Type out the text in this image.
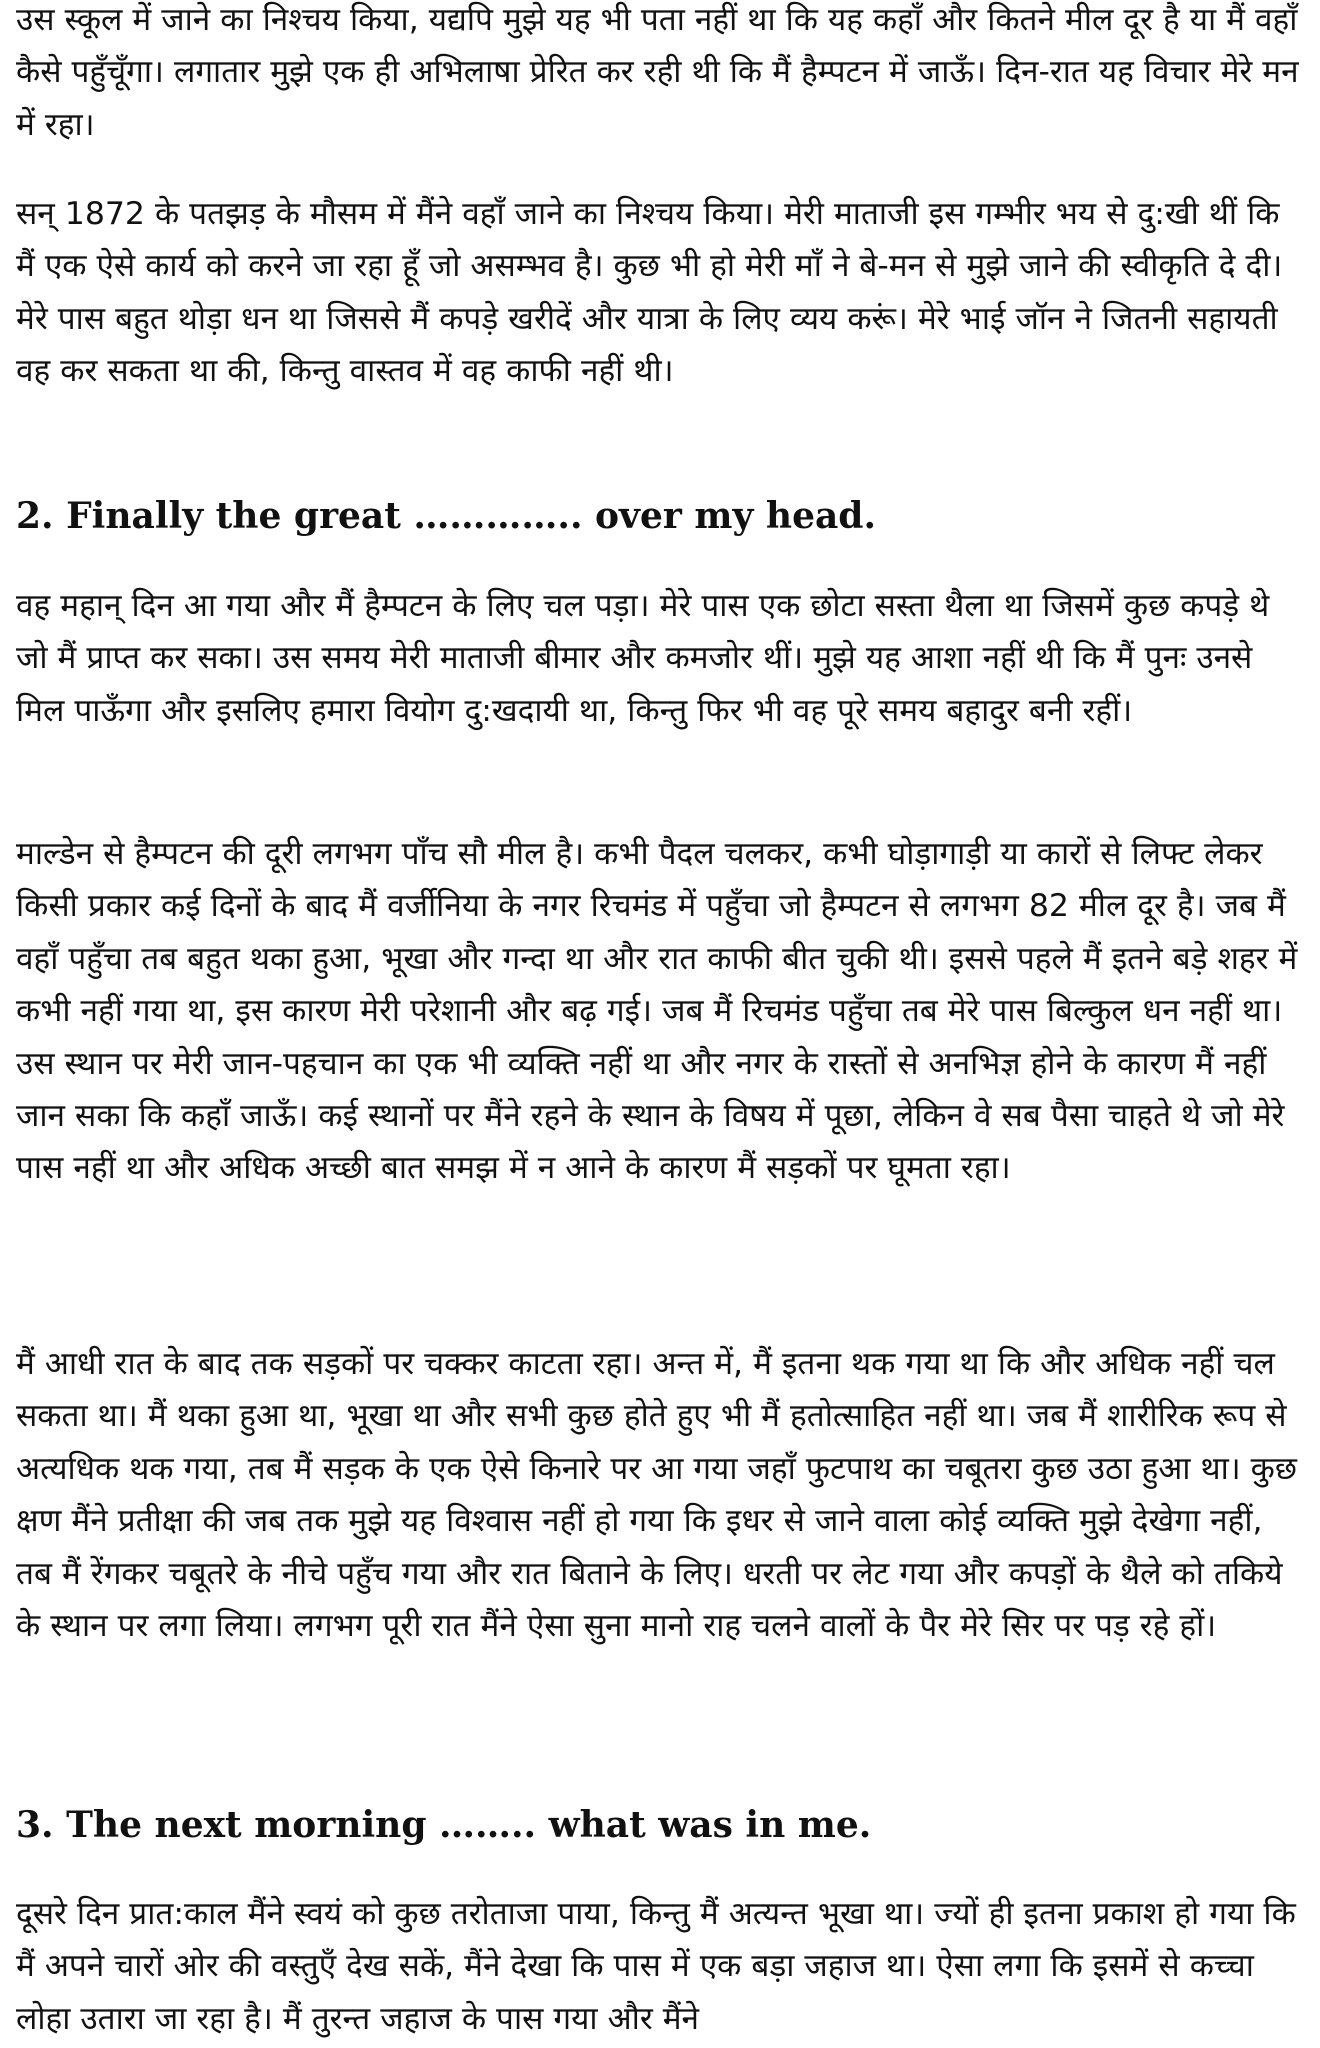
उस स्कूल में जाने का निश्चय किया, यद्यपि मुझे यह भी पता नहीं था कि यह कहाँ और कितने मील दूर है या मैं वहाँ कैसे पहुँचूँगा। लगातार मुझे एक ही अभिलाषा प्रेरित कर रही थी कि मैं हैम्पटन में जाऊँ। दिन-रात यह विचार मेरे मन में रहा।

सन् 1872 के पतझड़ के मौसम में मैंने वहाँ जाने का निश्चय किया। मेरी माताजी इस गम्भीर भय से दु:खी थीं कि मैं एक ऐसे कार्य को करने जा रहा हूँ जो असम्भव है। कुछ भी हो मेरी माँ ने बे-मन से मुझे जाने की स्वीकृति दे दी। मेरे पास बहुत थोड़ा धन था जिससे मैं कपड़े खरीदें और यात्रा के लिए व्यय करूं। मेरे भाई जॉन ने जितनी सहायती वह कर सकता था की, किन्तु वास्तव में वह काफी नहीं थी।

2. Finally the great ………….. over my head.

वह महान् दिन आ गया और मैं हैम्पटन के लिए चल पड़ा। मेरे पास एक छोटा सस्ता थैला था जिसमें कुछ कपड़े थे जो मैं प्राप्त कर सका। उस समय मेरी माताजी बीमार और कमजोर थीं। मुझे यह आशा नहीं थी कि मैं पुनः उनसे मिल पाऊँगा और इसलिए हमारा वियोग दु:खदायी था, किन्तु फिर भी वह पूरे समय बहादुर बनी रहीं।

माल्डेन से हैम्पटन की दूरी लगभग पाँच सौ मील है। कभी पैदल चलकर, कभी घोड़ागाड़ी या कारों से लिफ्ट लेकर किसी प्रकार कई दिनों के बाद मैं वर्जीनिया के नगर रिचमंड में पहुँचा जो हैम्पटन से लगभग 82 मील दूर है। जब मैं वहाँ पहुँचा तब बहुत थका हुआ, भूखा और गन्दा था और रात काफी बीत चुकी थी। इससे पहले मैं इतने बड़े शहर में कभी नहीं गया था, इस कारण मेरी परेशानी और बढ़ गई। जब मैं रिचमंड पहुँचा तब मेरे पास बिल्कुल धन नहीं था। उस स्थान पर मेरी जान-पहचान का एक भी व्यक्ति नहीं था और नगर के रास्तों से अनभिज्ञ होने के कारण मैं नहीं जान सका कि कहाँ जाऊँ। कई स्थानों पर मैंने रहने के स्थान के विषय में पूछा, लेकिन वे सब पैसा चाहते थे जो मेरे पास नहीं था और अधिक अच्छी बात समझ में न आने के कारण मैं सड़कों पर घूमता रहा।

मैं आधी रात के बाद तक सड़कों पर चक्कर काटता रहा। अन्त में, मैं इतना थक गया था कि और अधिक नहीं चल सकता था। मैं थका हुआ था, भूखा था और सभी कुछ होते हुए भी मैं हतोत्साहित नहीं था। जब मैं शारीरिक रूप से अत्यधिक थक गया, तब मैं सड़क के एक ऐसे किनारे पर आ गया जहाँ फुटपाथ का चबूतरा कुछ उठा हुआ था। कुछ क्षण मैंने प्रतीक्षा की जब तक मुझे यह विश्वास नहीं हो गया कि इधर से जाने वाला कोई व्यक्ति मुझे देखेगा नहीं, तब मैं रेंगकर चबूतरे के नीचे पहुँच गया और रात बिताने के लिए। धरती पर लेट गया और कपड़ों के थैले को तकिये के स्थान पर लगा लिया। लगभग पूरी रात मैंने ऐसा सुना मानो राह चलने वालों के पैर मेरे सिर पर पड़ रहे हों।

3. The next morning …….. what was in me.

दूसरे दिन प्रात:काल मैंने स्वयं को कुछ तरोताजा पाया, किन्तु मैं अत्यन्त भूखा था। ज्यों ही इतना प्रकाश हो गया कि मैं अपने चारों ओर की वस्तुएँ देख सकें, मैंने देखा कि पास में एक बड़ा जहाज था। ऐसा लगा कि इसमें से कच्चा लोहा उतारा जा रहा है। मैं तुरन्त जहाज के पास गया और मैंने
